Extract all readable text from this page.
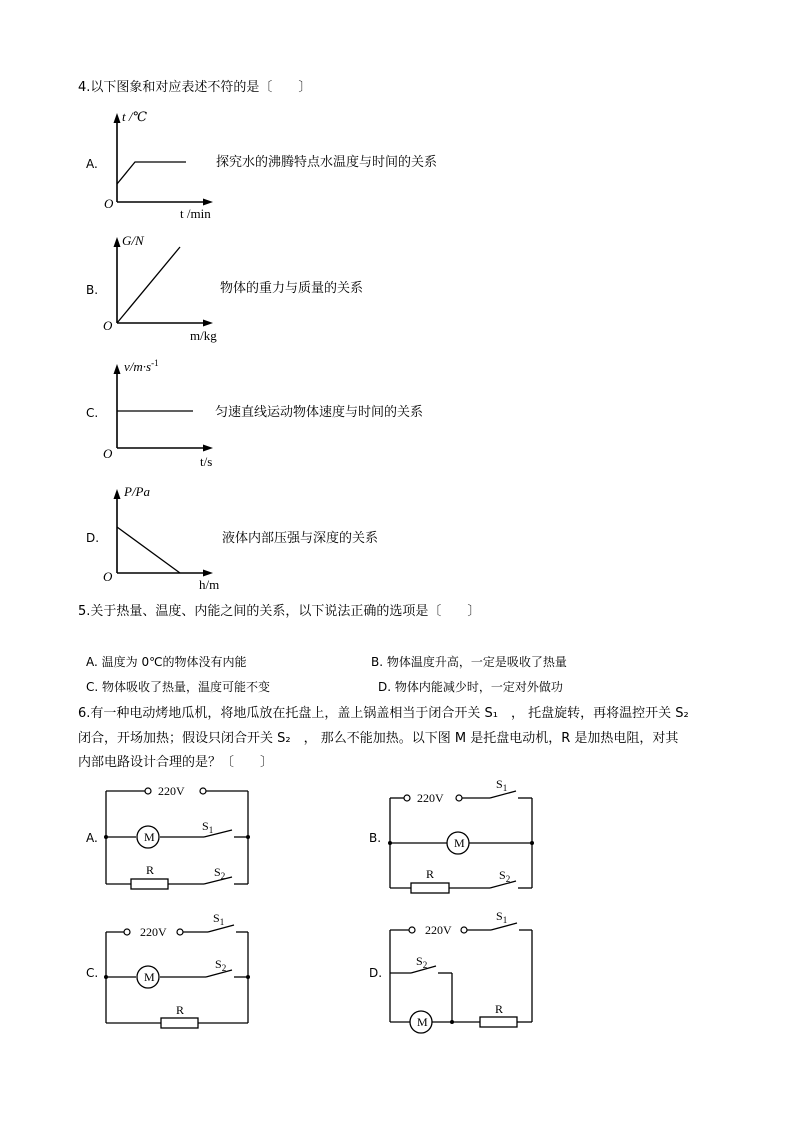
4.以下图象和对应表述不符的是〔　　〕
A.
t /℃
O
t /min
探究水的沸腾特点水温度与时间的关系
B.
G/N
O
m/kg
物体的重力与质量的关系
C.
$v/m\cdot s^{-1}$
O
t/s
匀速直线运动物体速度与时间的关系
D.
P/Pa
O
h/m
液体内部压强与深度的关系
5.关于热量、温度、内能之间的关系，以下说法正确的选项是〔　　〕
A. 温度为 0℃的物体没有内能	B. 物体温度升高，一定是吸收了热量
C. 物体吸收了热量，温度可能不变	D. 物体内能减少时，一定对外做功
6.有一种电动烤地瓜机，将地瓜放在托盘上，盖上锅盖相当于闭合开关 S₁　， 托盘旋转，再将温控开关 S₂
闭合，开场加热；假设只闭合开关 S₂　， 那么不能加热。以下图 M 是托盘电动机，R 是加热电阻，对其
内部电路设计合理的是？〔　　〕
A.
220V
M
$S_1$
R	$S_2$
B.
220V
$S_1$
M
R	$S_2$
C.
220V
$S_1$
M
$S_2$
R
D.
220V
$S_1$
$S_2$
M
R
